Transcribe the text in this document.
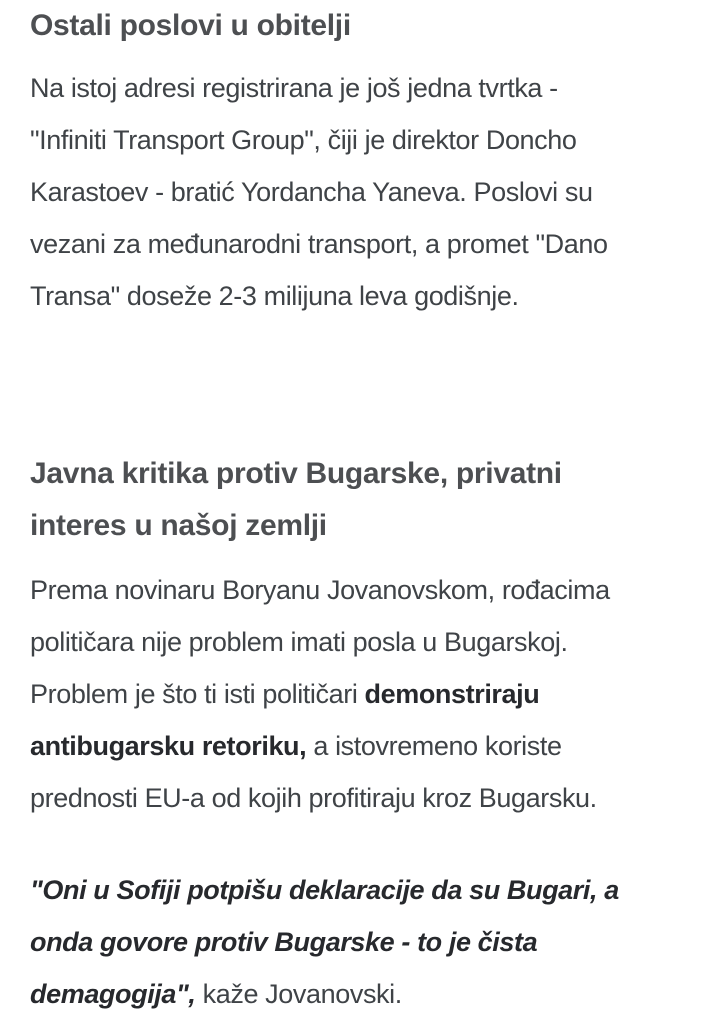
Ostali poslovi u obitelji
Na istoj adresi registrirana je još jedna tvrtka -
"Infiniti Transport Group", čiji je direktor Doncho
Karastoev - bratić Yordancha Yaneva. Poslovi su
vezani za međunarodni transport, a promet "Dano
Transa" doseže 2-3 milijuna leva godišnje.
Javna kritika protiv Bugarske, privatni
interes u našoj zemlji
Prema novinaru Boryanu Jovanovskom, rođacima
političara nije problem imati posla u Bugarskoj.
Problem je što ti isti političari demonstriraju
antibugarsku retoriku, a istovremeno koriste
prednosti EU-a od kojih profitiraju kroz Bugarsku.
"Oni u Sofiji potpišu deklaracije da su Bugari, a
onda govore protiv Bugarske - to je čista
demagogija", kaže Jovanovski.
